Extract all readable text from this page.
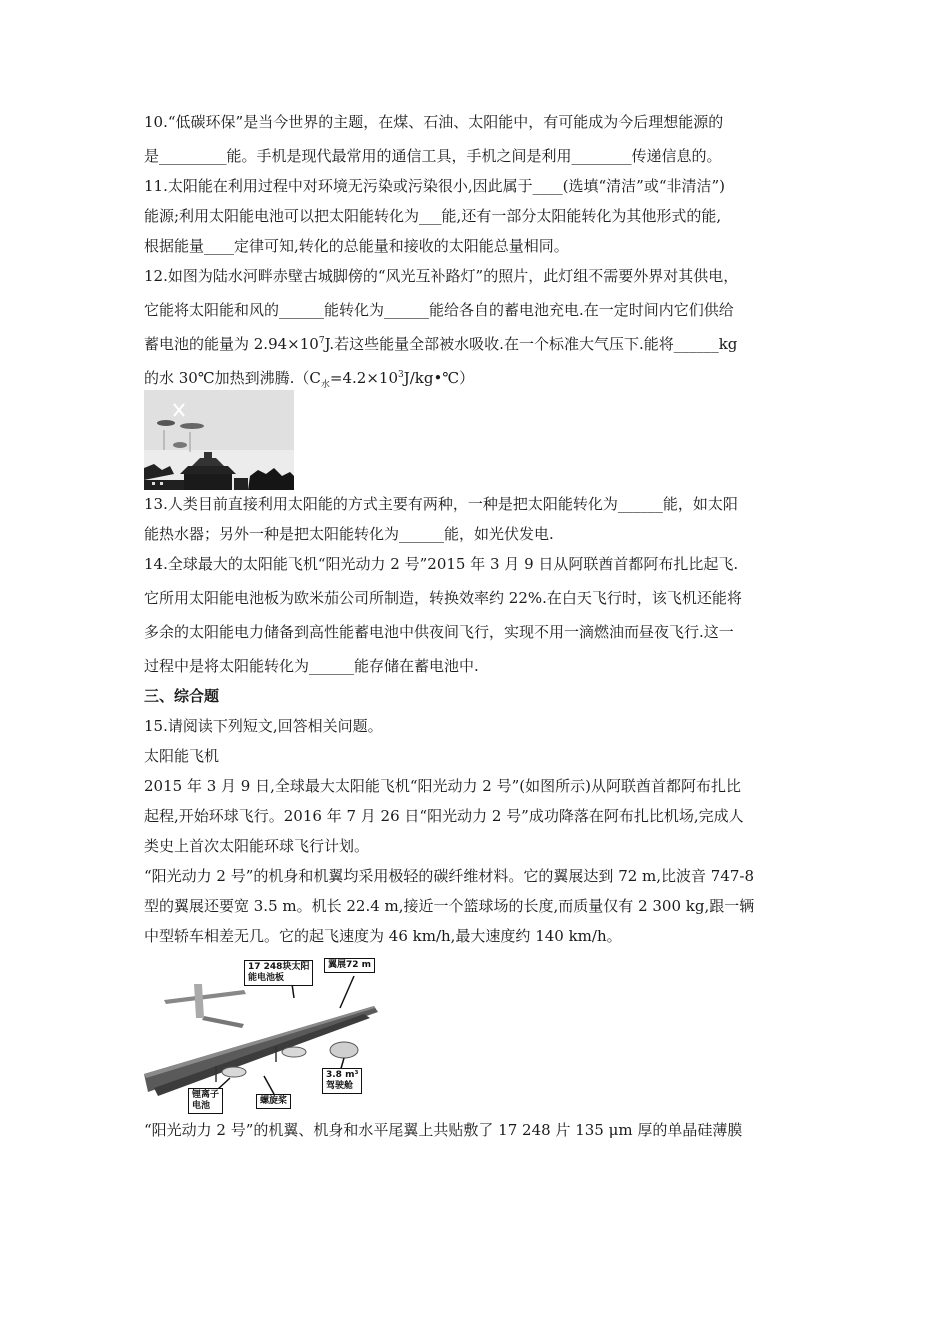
10.“低碳环保”是当今世界的主题，在煤、石油、太阳能中，有可能成为今后理想能源的
是_________能。手机是现代最常用的通信工具，手机之间是利用________传递信息的。
11.太阳能在利用过程中对环境无污染或污染很小,因此属于____(选填“清洁”或“非清洁”)
能源;利用太阳能电池可以把太阳能转化为___能,还有一部分太阳能转化为其他形式的能,
根据能量____定律可知,转化的总能量和接收的太阳能总量相同。
12.如图为陆水河畔赤壁古城脚傍的“风光互补路灯”的照片，此灯组不需要外界对其供电，
它能将太阳能和风的______能转化为______能给各自的蓄电池充电.在一定时间内它们供给
蓄电池的能量为 $2.94\times 10^7J$.若这些能量全部被水吸收.在一个标准大气压下.能将______kg
的水 30℃加热到沸腾$.(C_水=4.2\times 10^3J/kg•℃)$
13.人类目前直接利用太阳能的方式主要有两种，一种是把太阳能转化为______能，如太阳
能热水器；另外一种是把太阳能转化为______能，如光伏发电.
14.全球最大的太阳能飞机“阳光动力 2 号”2015 年 3 月 9 日从阿联酋首都阿布扎比起飞.
它所用太阳能电池板为欧米茄公司所制造，转换效率约 22%.在白天飞行时，该飞机还能将
多余的太阳能电力储备到高性能蓄电池中供夜间飞行，实现不用一滴燃油而昼夜飞行.这一
过程中是将太阳能转化为______能存储在蓄电池中.
三、综合题
15.请阅读下列短文,回答相关问题。
太阳能飞机
2015 年 3 月 9 日,全球最大太阳能飞机“阳光动力 2 号”(如图所示)从阿联酋首都阿布扎比
起程,开始环球飞行。2016 年 7 月 26 日“阳光动力 2 号”成功降落在阿布扎比机场,完成人
类史上首次太阳能环球飞行计划。
“阳光动力 2 号”的机身和机翼均采用极轻的碳纤维材料。它的翼展达到 72 m,比波音 747-8
型的翼展还要宽 3.5 m。机长 22.4 m,接近一个篮球场的长度,而质量仅有 2 300 kg,跟一辆
中型轿车相差无几。它的起飞速度为 46 km/h,最大速度约 140 km/h。
17 248块太阳
能电池板
翼展72 m
3.8 m³
驾驶舱
锂离子
电池	螺旋桨
“阳光动力 2 号”的机翼、机身和水平尾翼上共贴敷了 17 248 片 135 μm 厚的单晶硅薄膜
